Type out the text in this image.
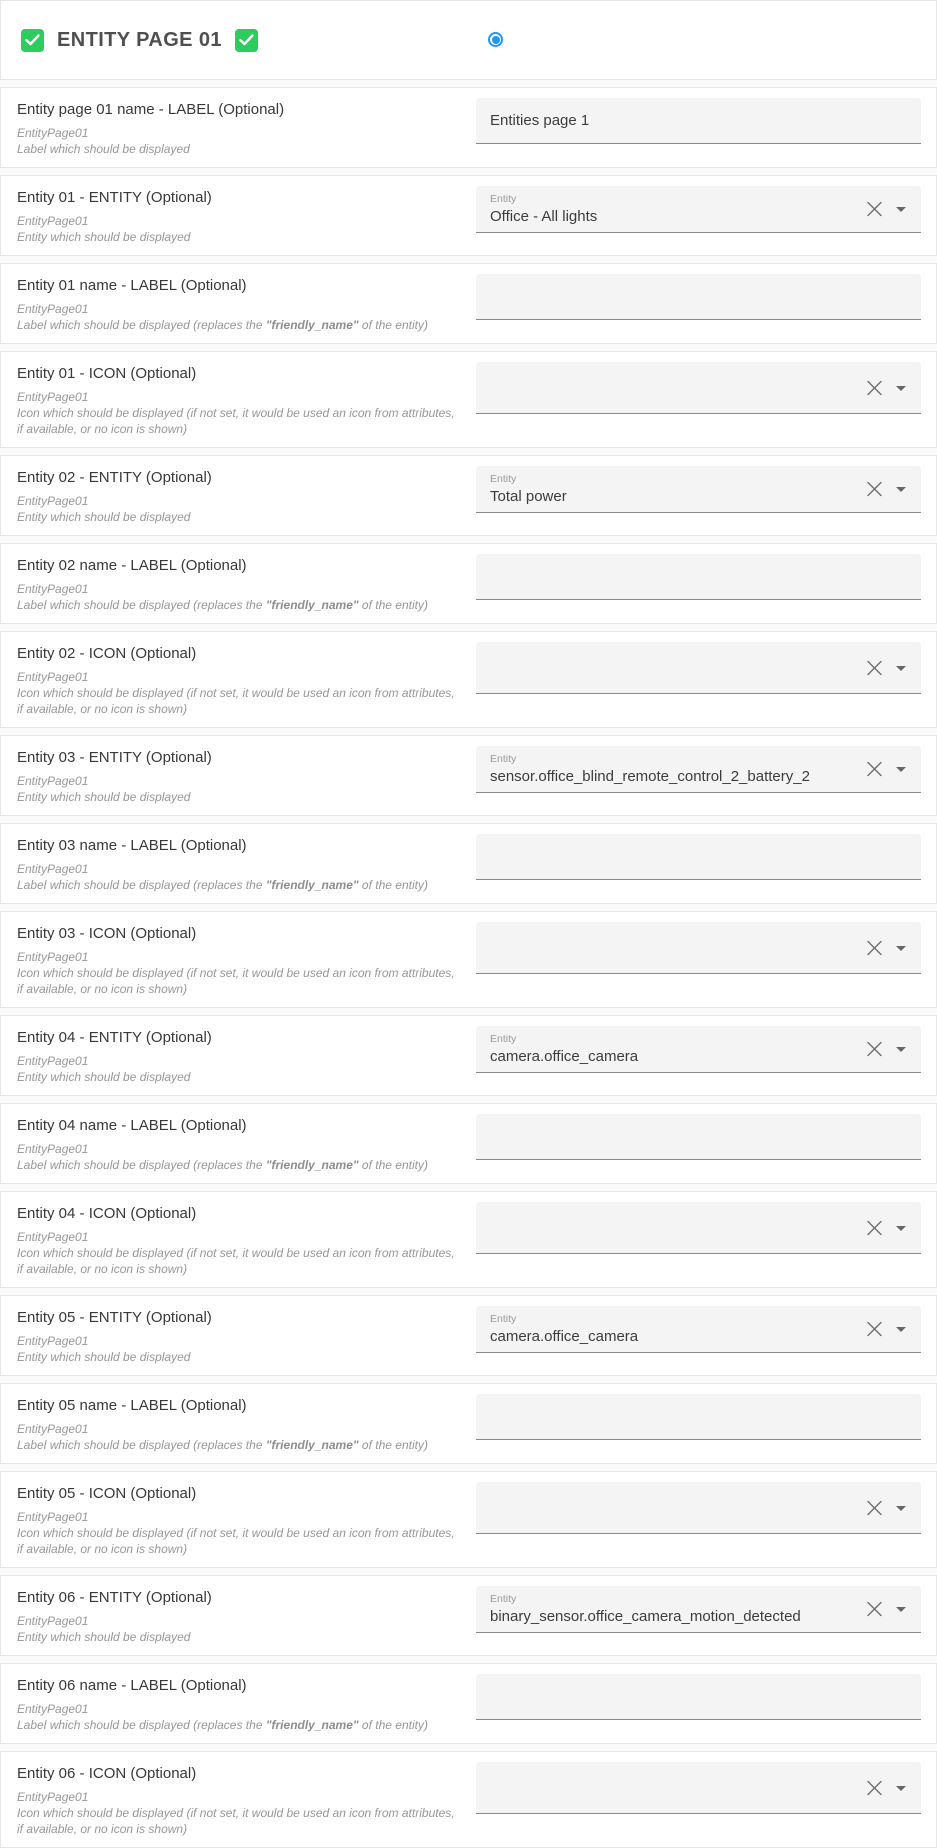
ENTITY PAGE 01
Entity page 01 name - LABEL (Optional)

EntityPage01

Label which should be displayed

Entities page 1
Entity 01 - ENTITY (Optional)

EntityPage01

Entity which should be displayed

Entity
Office - All lights
Entity 01 name - LABEL (Optional)

EntityPage01

Label which should be displayed (replaces the "friendly_name" of the entity)

Entity 01 - ICON (Optional)

EntityPage01

Icon which should be displayed (if not set, it would be used an icon from attributes, if available, or no icon is shown)

Entity 02 - ENTITY (Optional)

EntityPage01

Entity which should be displayed

Entity
Total power
Entity 02 name - LABEL (Optional)

EntityPage01

Label which should be displayed (replaces the "friendly_name" of the entity)

Entity 02 - ICON (Optional)

EntityPage01

Icon which should be displayed (if not set, it would be used an icon from attributes, if available, or no icon is shown)

Entity 03 - ENTITY (Optional)

EntityPage01

Entity which should be displayed

Entity
sensor.office_blind_remote_control_2_battery_2
Entity 03 name - LABEL (Optional)

EntityPage01

Label which should be displayed (replaces the "friendly_name" of the entity)

Entity 03 - ICON (Optional)

EntityPage01

Icon which should be displayed (if not set, it would be used an icon from attributes, if available, or no icon is shown)

Entity 04 - ENTITY (Optional)

EntityPage01

Entity which should be displayed

Entity
camera.office_camera
Entity 04 name - LABEL (Optional)

EntityPage01

Label which should be displayed (replaces the "friendly_name" of the entity)

Entity 04 - ICON (Optional)

EntityPage01

Icon which should be displayed (if not set, it would be used an icon from attributes, if available, or no icon is shown)

Entity 05 - ENTITY (Optional)

EntityPage01

Entity which should be displayed

Entity
camera.office_camera
Entity 05 name - LABEL (Optional)

EntityPage01

Label which should be displayed (replaces the "friendly_name" of the entity)

Entity 05 - ICON (Optional)

EntityPage01

Icon which should be displayed (if not set, it would be used an icon from attributes, if available, or no icon is shown)

Entity 06 - ENTITY (Optional)

EntityPage01

Entity which should be displayed

Entity
binary_sensor.office_camera_motion_detected
Entity 06 name - LABEL (Optional)

EntityPage01

Label which should be displayed (replaces the "friendly_name" of the entity)

Entity 06 - ICON (Optional)

EntityPage01

Icon which should be displayed (if not set, it would be used an icon from attributes, if available, or no icon is shown)
